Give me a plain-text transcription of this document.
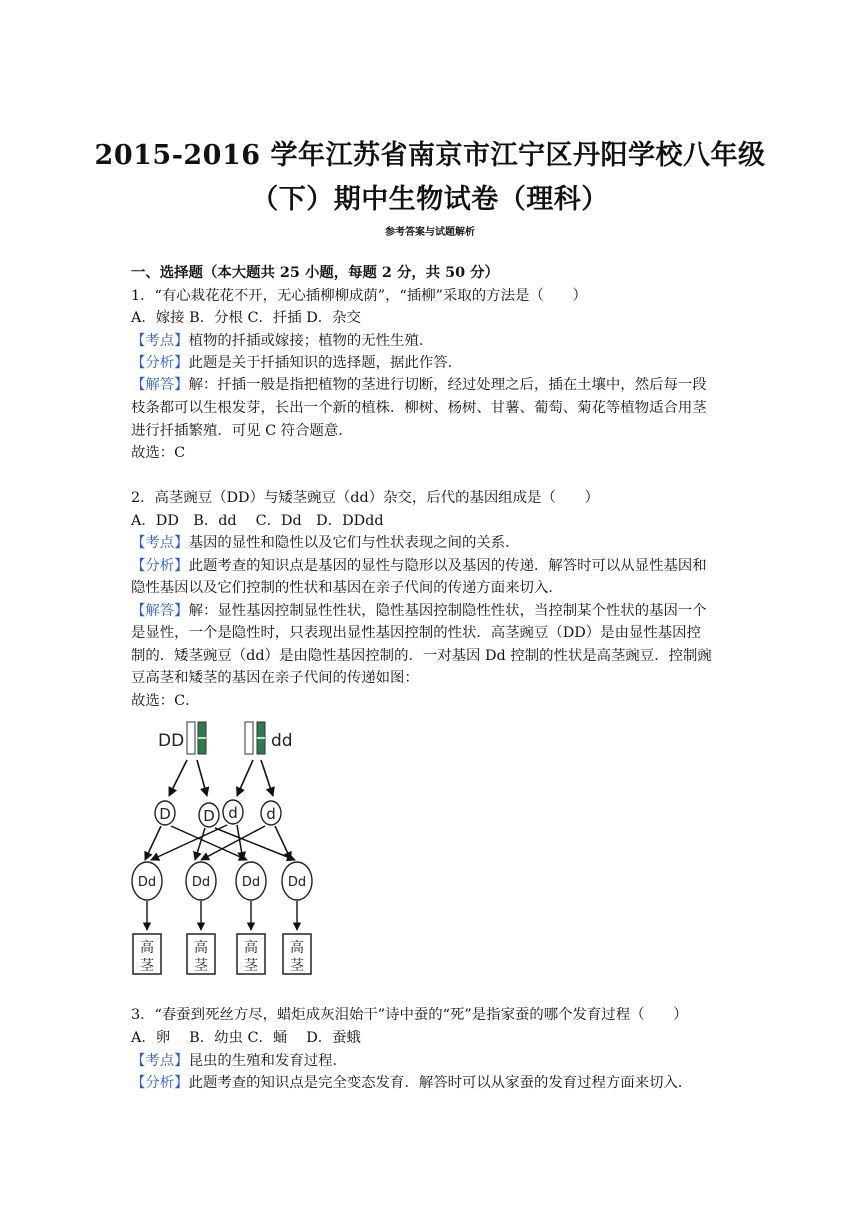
2015-2016 学年江苏省南京市江宁区丹阳学校八年级
（下）期中生物试卷（理科）
参考答案与试题解析
一、选择题（本大题共 25 小题，每题 2 分，共 50 分）
1．“有心栽花花不开，无心插柳柳成荫”，“插柳”采取的方法是（　　）
A．嫁接 B．分根 C．扦插 D．杂交
【考点】植物的扦插或嫁接；植物的无性生殖．
【分析】此题是关于扦插知识的选择题，据此作答．
【解答】解：扦插一般是指把植物的茎进行切断，经过处理之后，插在土壤中，然后每一段
枝条都可以生根发芽，长出一个新的植株．柳树、杨树、甘薯、葡萄、菊花等植物适合用茎
进行扦插繁殖．可见 C 符合题意．
故选：C
2．高茎豌豆（DD）与矮茎豌豆（dd）杂交，后代的基因组成是（　　）
A．DD　B．dd　 C．Dd　D．DDdd
【考点】基因的显性和隐性以及它们与性状表现之间的关系．
【分析】此题考查的知识点是基因的显性与隐形以及基因的传递．解答时可以从显性基因和
隐性基因以及它们控制的性状和基因在亲子代间的传递方面来切入．
【解答】解：显性基因控制显性性状，隐性基因控制隐性性状，当控制某个性状的基因一个
是显性，一个是隐性时，只表现出显性基因控制的性状．高茎豌豆（DD）是由显性基因控
制的．矮茎豌豆（dd）是由隐性基因控制的．一对基因 Dd 控制的性状是高茎豌豆．控制豌
豆高茎和矮茎的基因在亲子代间的传递如图：
故选：C．
DD	dd
D D d d
Dd	Dd Dd Dd
高
茎
高
茎
高
茎
高
茎
3．“春蚕到死丝方尽，蜡炬成灰泪始干”诗中蚕的“死”是指家蚕的哪个发育过程（　　）
A．卵　 B．幼虫 C．蛹　 D．蚕蛾
【考点】昆虫的生殖和发育过程．
【分析】此题考查的知识点是完全变态发育．解答时可以从家蚕的发育过程方面来切入．
